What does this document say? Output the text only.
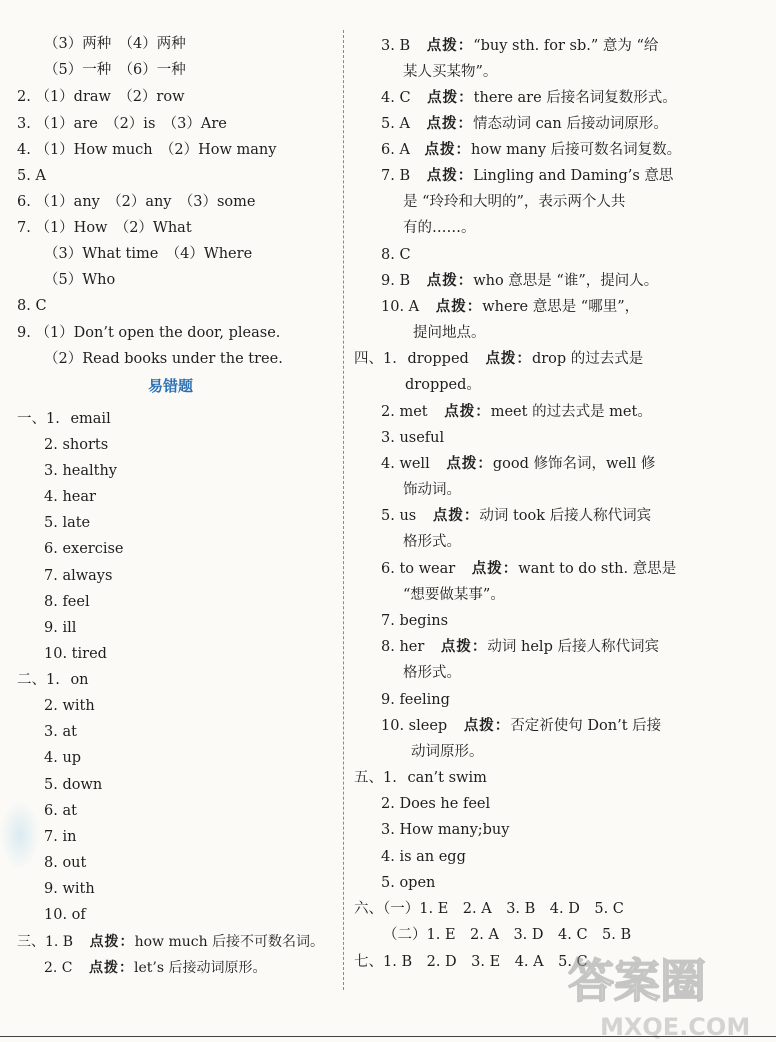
（3）两种　（4）两种
（5）一种　（6）一种
2. （1）draw　（2）row
3. （1）are　（2）is　（3）Are
4. （1）How much　（2）How many
5. A
6. （1）any　（2）any　（3）some
7. （1）How　（2）What
（3）What time　（4）Where
（5）Who
8. C
9. （1）Don’t open the door, please.
（2）Read books under the tree.
易错题
一、1. email
2. shorts
3. healthy
4. hear
5. late
6. exercise
7. always
8. feel
9. ill
10. tired
二、1. on
2. with
3. at
4. up
5. down
6. at
7. in
8. out
9. with
10. of
三、1. B 点拨：how much 后接不可数名词。
2. C 点拨：let’s 后接动词原形。
3. B 点拨：“buy sth. for sb.” 意为 “给
某人买某物”。
4. C 点拨：there are 后接名词复数形式。
5. A 点拨：情态动词 can 后接动词原形。
6. A 点拨：how many 后接可数名词复数。
7. B 点拨：Lingling and Daming’s 意思
是 “玲玲和大明的”，表示两个人共
有的……。
8. C
9. B 点拨：who 意思是 “谁”，提问人。
10. A 点拨：where 意思是 “哪里”，
提问地点。
四、1. dropped 点拨：drop 的过去式是
dropped。
2. met 点拨：meet 的过去式是 met。
3. useful
4. well 点拨：good 修饰名词，well 修
饰动词。
5. us 点拨：动词 took 后接人称代词宾
格形式。
6. to wear 点拨：want to do sth. 意思是
“想要做某事”。
7. begins
8. her 点拨：动词 help 后接人称代词宾
格形式。
9. feeling
10. sleep 点拨：否定祈使句 Don’t 后接
动词原形。
五、1. can’t swim
2. Does he feel
3. How many;buy
4. is an egg
5. open
六、（一）1. E　2. A　3. B　4. D　5. C
（二）1. E　2. A　3. D　4. C　5. B
七、1. B　2. D　3. E　4. A　5. C
答案圈
MXQE.COM
